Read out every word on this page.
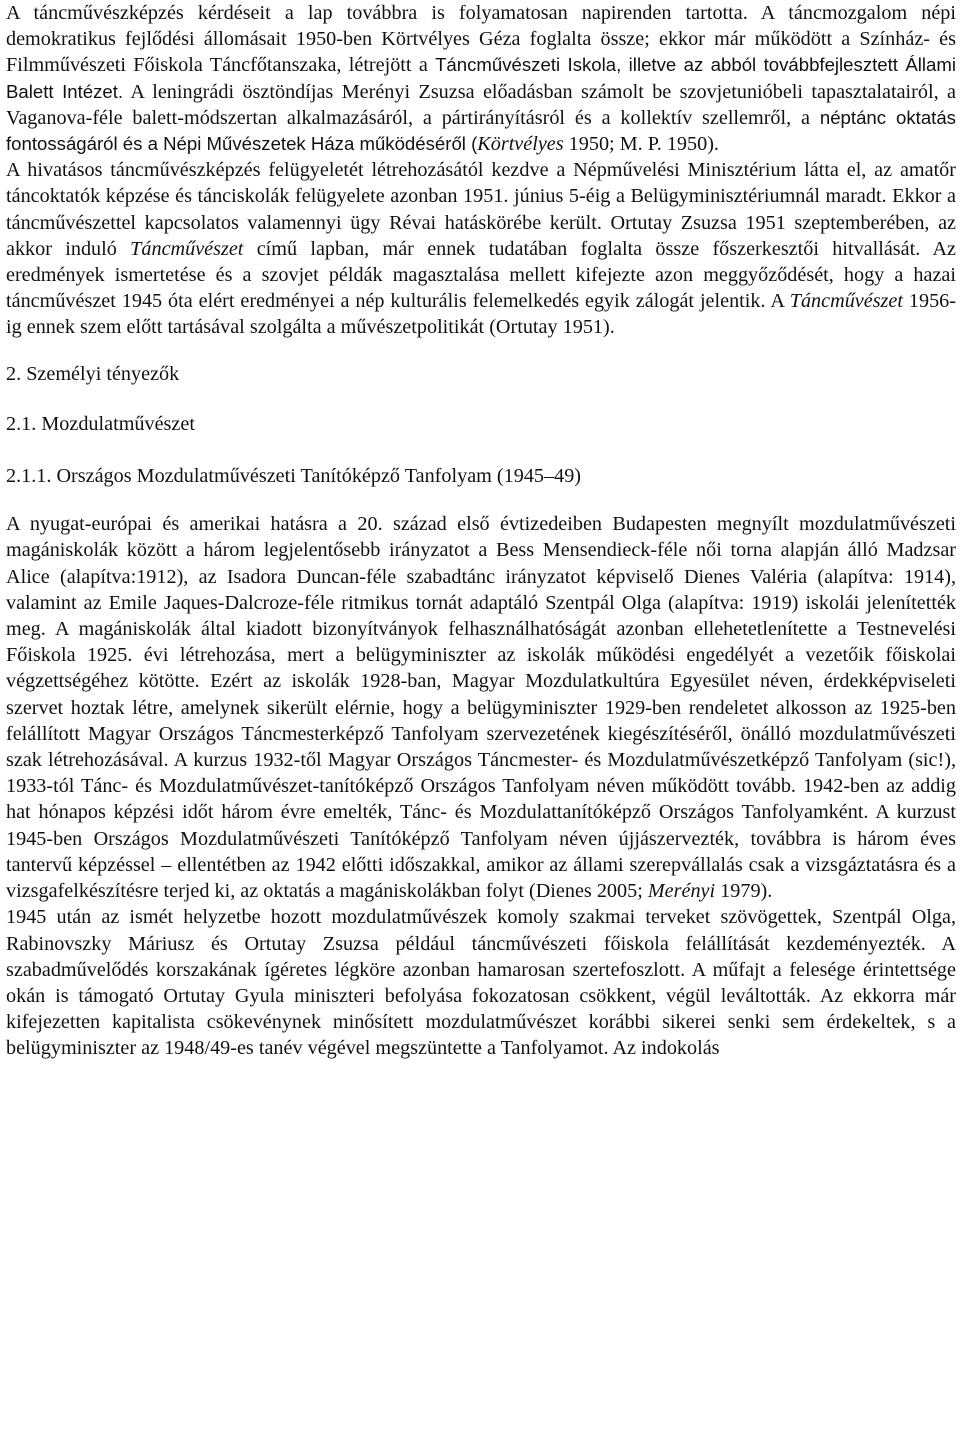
A táncművészképzés kérdéseit a lap továbbra is folyamatosan napirenden tartotta. A táncmozgalom népi demokratikus fejlődési állomásait 1950-ben Körtvélyes Géza foglalta össze; ekkor már működött a Színház- és Filmművészeti Főiskola Táncfőtanszaka, létrejött a Táncművészeti Iskola, illetve az abból továbbfejlesztett Állami Balett Intézet. A leningrádi ösztöndíjas Merényi Zsuzsa előadásban számolt be szovjetunióbeli tapasztalatairól, a Vaganova-féle balett-módszertan alkalmazásáról, a pártirányításról és a kollektív szellemről, a néptánc oktatás fontosságáról és a Népi Művészetek Háza működéséről (Körtvélyes 1950; M. P. 1950).

A hivatásos táncművészképzés felügyeletét létrehozásától kezdve a Népművelési Minisztérium látta el, az amatőr táncoktatók képzése és tánciskolák felügyelete azonban 1951. június 5-éig a Belügyminisztériumnál maradt. Ekkor a táncművészettel kapcsolatos valamennyi ügy Révai hatáskörébe került. Ortutay Zsuzsa 1951 szeptemberében, az akkor induló Táncművészet című lapban, már ennek tudatában foglalta össze főszerkesztői hitvallását. Az eredmények ismertetése és a szovjet példák magasztalása mellett kifejezte azon meggyőződését, hogy a hazai táncművészet 1945 óta elért eredményei a nép kulturális felemelkedés egyik zálogát jelentik. A Táncművészet 1956-ig ennek szem előtt tartásával szolgálta a művészetpolitikát (Ortutay 1951).

2. Személyi tényezők
2.1. Mozdulatművészet
2.1.1. Országos Mozdulatművészeti Tanítóképző Tanfolyam (1945–49)

A nyugat-európai és amerikai hatásra a 20. század első évtizedeiben Budapesten megnyílt mozdulatművészeti magániskolák között a három legjelentősebb irányzatot a Bess Mensendieck-féle női torna alapján álló Madzsar Alice (alapítva:1912), az Isadora Duncan-féle szabadtánc irányzatot képviselő Dienes Valéria (alapítva: 1914), valamint az Emile Jaques-Dalcroze-féle ritmikus tornát adaptáló Szentpál Olga (alapítva: 1919) iskolái jelenítették meg. A magániskolák által kiadott bizonyítványok felhasználhatóságát azonban ellehetetlenítette a Testnevelési Főiskola 1925. évi létrehozása, mert a belügyminiszter az iskolák működési engedélyét a vezetőik főiskolai végzettségéhez kötötte. Ezért az iskolák 1928-ban, Magyar Mozdulatkultúra Egyesület néven, érdekképviseleti szervet hoztak létre, amelynek sikerült elérnie, hogy a belügyminiszter 1929-ben rendeletet alkosson az 1925-ben felállított Magyar Országos Táncmesterképző Tanfolyam szervezetének kiegészítéséről, önálló mozdulatművészeti szak létrehozásával. A kurzus 1932-től Magyar Országos Táncmester- és Mozdulatművészetképző Tanfolyam (sic!), 1933-tól Tánc- és Mozdulatművészet-tanítóképző Országos Tanfolyam néven működött tovább. 1942-ben az addig hat hónapos képzési időt három évre emelték, Tánc- és Mozdulattanítóképző Országos Tanfolyamként. A kurzust 1945-ben Országos Mozdulatművészeti Tanítóképző Tanfolyam néven újjászervezték, továbbra is három éves tantervű képzéssel – ellentétben az 1942 előtti időszakkal, amikor az állami szerepvállalás csak a vizsgáztatásra és a vizsgafelkészítésre terjed ki, az oktatás a magániskolákban folyt (Dienes 2005; Merényi 1979).

1945 után az ismét helyzetbe hozott mozdulatművészek komoly szakmai terveket szövögettek, Szentpál Olga, Rabinovszky Máriusz és Ortutay Zsuzsa például táncművészeti főiskola felállítását kezdeményezték. A szabadművelődés korszakának ígéretes légköre azonban hamarosan szertefoszlott. A műfajt a felesége érintettsége okán is támogató Ortutay Gyula miniszteri befolyása fokozatosan csökkent, végül leváltották. Az ekkorra már kifejezetten kapitalista csökevénynek minősített mozdulatművészet korábbi sikerei senki sem érdekeltek, s a belügyminiszter az 1948/49-es tanév végével megszüntette a Tanfolyamot. Az indokolás
